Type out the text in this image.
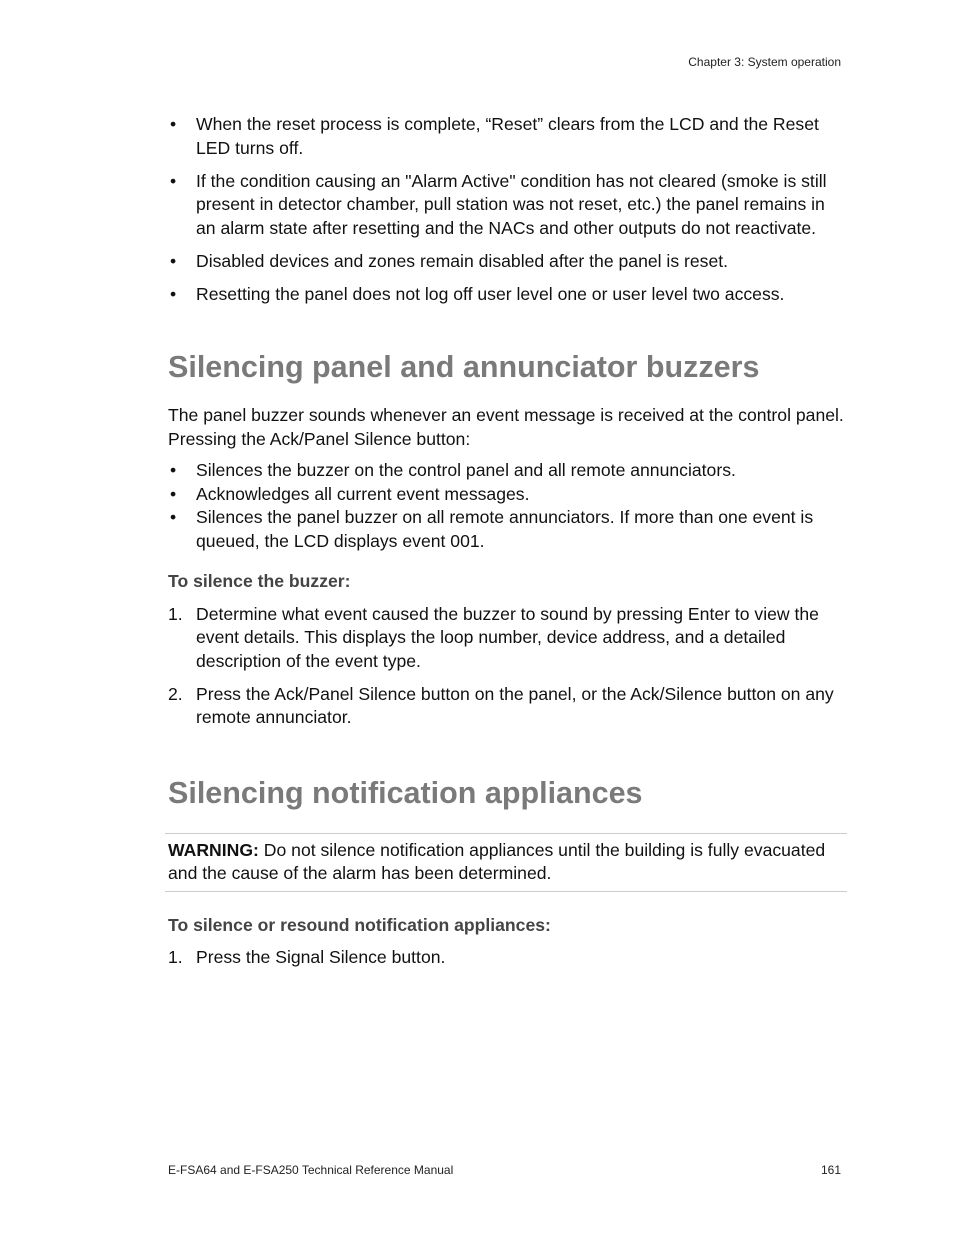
Chapter 3: System operation
• When the reset process is complete, “Reset” clears from the LCD and the Reset LED turns off.
• If the condition causing an "Alarm Active" condition has not cleared (smoke is still present in detector chamber, pull station was not reset, etc.) the panel remains in an alarm state after resetting and the NACs and other outputs do not reactivate.
• Disabled devices and zones remain disabled after the panel is reset.
• Resetting the panel does not log off user level one or user level two access.
Silencing panel and annunciator buzzers

The panel buzzer sounds whenever an event message is received at the control panel. Pressing the Ack/Panel Silence button:

• Silences the buzzer on the control panel and all remote annunciators.
• Acknowledges all current event messages.
• Silences the panel buzzer on all remote annunciators. If more than one event is queued, the LCD displays event 001.
To silence the buzzer:
1. Determine what event caused the buzzer to sound by pressing Enter to view the event details. This displays the loop number, device address, and a detailed description of the event type.
2. Press the Ack/Panel Silence button on the panel, or the Ack/Silence button on any remote annunciator.
Silencing notification appliances
WARNING: Do not silence notification appliances until the building is fully evacuated and the cause of the alarm has been determined.
To silence or resound notification appliances:
1. Press the Signal Silence button.
E-FSA64 and E-FSA250 Technical Reference Manual	161
